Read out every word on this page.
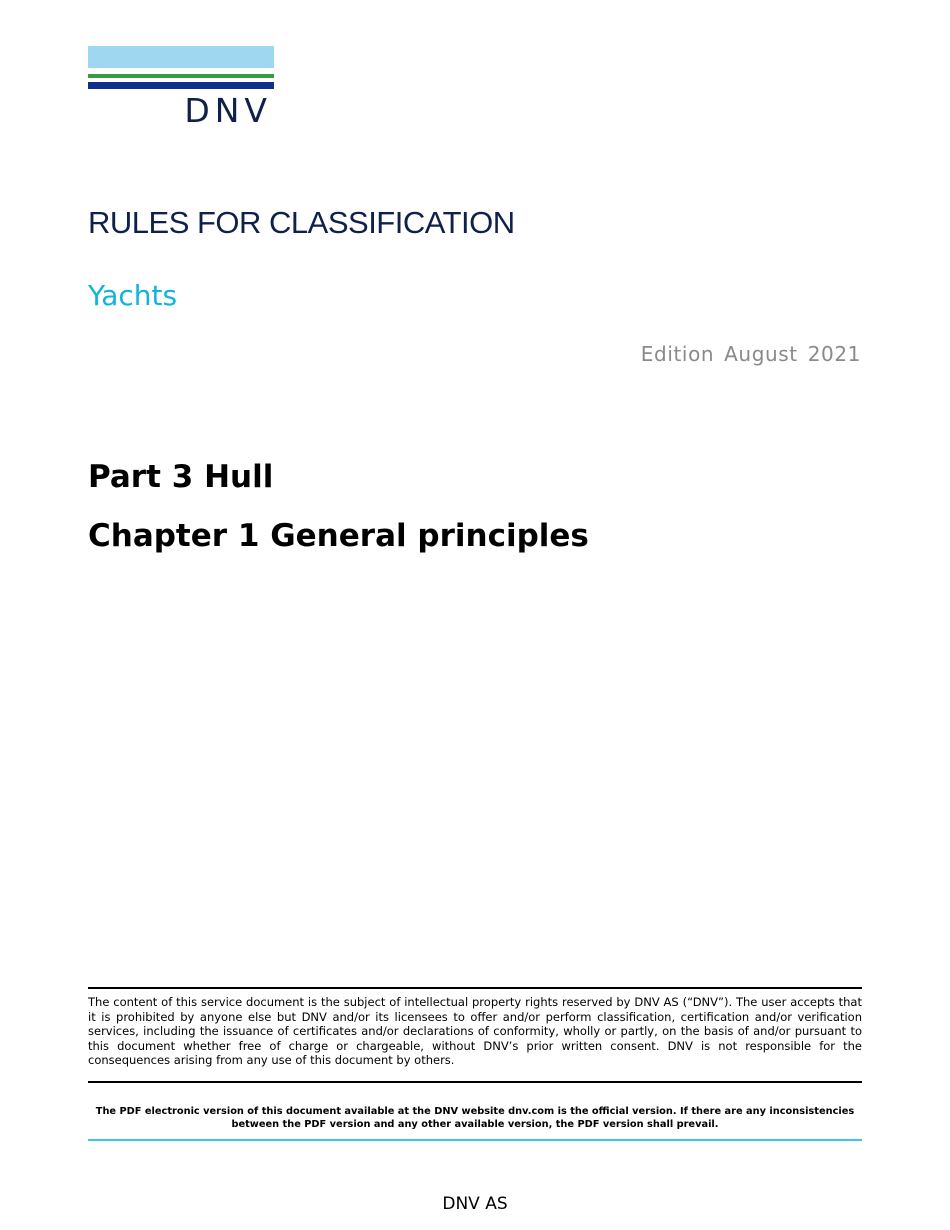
DNV
RULES FOR CLASSIFICATION
Yachts
Edition August 2021
Part 3 Hull
Chapter 1 General principles

The content of this service document is the subject of intellectual property rights reserved by DNV AS (“DNV”). The user accepts that it is prohibited by anyone else but DNV and/or its licensees to offer and/or perform classification, certification and/or verification services, including the issuance of certificates and/or declarations of conformity, wholly or partly, on the basis of and/or pursuant to this document whether free of charge or chargeable, without DNV’s prior written consent. DNV is not responsible for the consequences arising from any use of this document by others.

The PDF electronic version of this document available at the DNV website dnv.com is the official version. If there are any inconsistencies between the PDF version and any other available version, the PDF version shall prevail.

DNV AS
